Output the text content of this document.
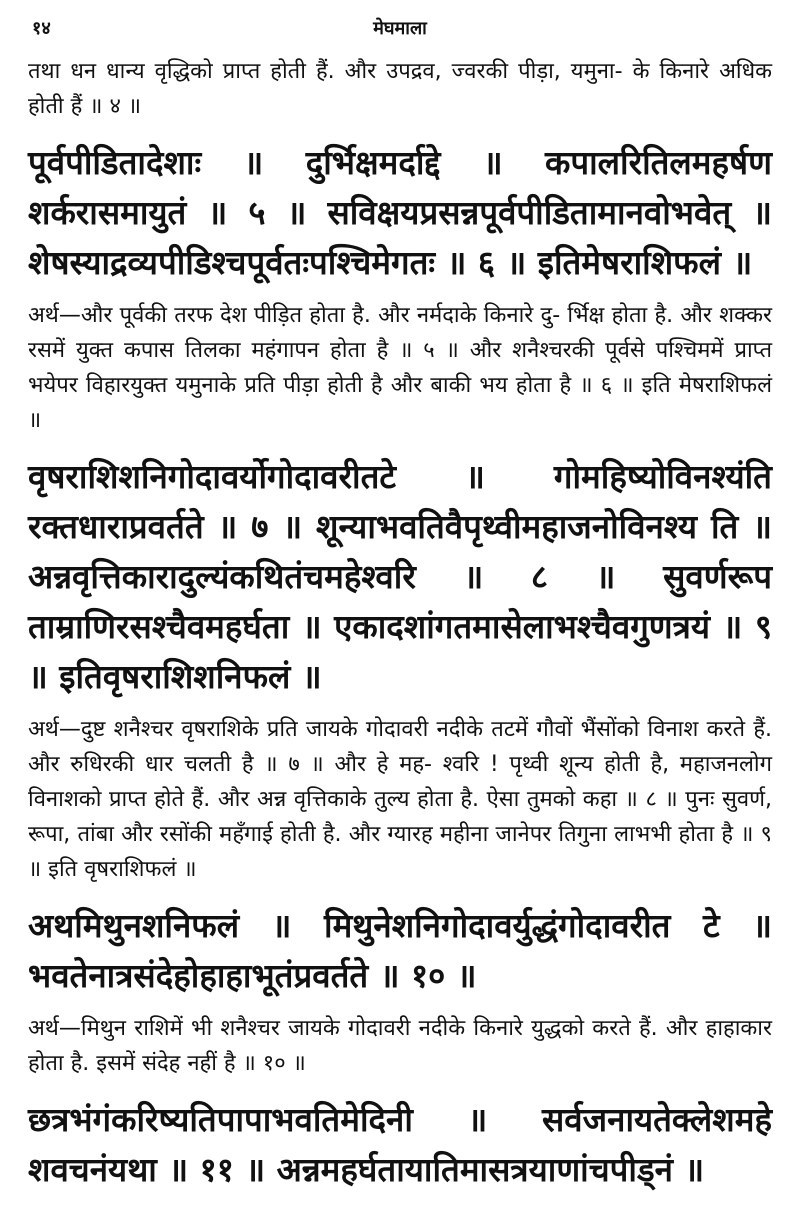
१४	मेघमाला

तथा धन धान्य वृद्धिको प्राप्त होती हैं. और उपद्रव, ज्वरकी पीड़ा, यमुना- के किनारे अधिक होती हैं ॥ ४ ॥

पूर्वपीडितादेशाः ॥ दुर्भिक्षमर्दाद्दे ॥ कपालरितिलमहर्षण शर्करासमायुतं ॥ ५ ॥ सविक्षयप्रसन्नपूर्वपीडितामानवोभवेत् ॥ शेषस्याद्रव्यपीडिश्चपूर्वतःपश्चिमेगतः ॥ ६ ॥ इतिमेषराशिफलं ॥

अर्थ—और पूर्वकी तरफ देश पीड़ित होता है. और नर्मदाके किनारे दु- र्भिक्ष होता है. और शक्कर रसमें युक्त कपास तिलका महंगापन होता है ॥ ५ ॥ और शनैश्चरकी पूर्वसे पश्चिममें प्राप्त भयेपर विहारयुक्त यमुनाके प्रति पीड़ा होती है और बाकी भय होता है ॥ ६ ॥ इति मेषराशिफलं ॥

वृषराशिशनिगोदावर्योगोदावरीतटे ॥ गोमहिष्योविनश्यंति रक्तधाराप्रवर्तते ॥ ७ ॥ शून्याभवतिवैपृथ्वीमहाजनोविनश्य ति ॥ अन्नवृत्तिकारादुल्यंकथितंचमहेश्वरि ॥ ८ ॥ सुवर्णरूप ताम्राणिरसश्चैवमहर्घता ॥ एकादशांगतमासेलाभश्चैवगुणत्रयं ॥ ९ ॥ इतिवृषराशिशनिफलं ॥

अर्थ—दुष्ट शनैश्चर वृषराशिके प्रति जायके गोदावरी नदीके तटमें गौवों भैंसोंको विनाश करते हैं. और रुधिरकी धार चलती है ॥ ७ ॥ और हे मह- श्वरि ! पृथ्वी शून्य होती है, महाजनलोग विनाशको प्राप्त होते हैं. और अन्न वृत्तिकाके तुल्य होता है. ऐसा तुमको कहा ॥ ८ ॥ पुनः सुवर्ण, रूपा, तांबा और रसोंकी महँगाई होती है. और ग्यारह महीना जानेपर तिगुना लाभभी होता है ॥ ९ ॥ इति वृषराशिफलं ॥

अथमिथुनशनिफलं ॥ मिथुनेशनिगोदावर्युद्धंगोदावरीत टे ॥ भवतेनात्रसंदेहोहाहाभूतंप्रवर्तते ॥ १० ॥

अर्थ—मिथुन राशिमें भी शनैश्चर जायके गोदावरी नदीके किनारे युद्धको करते हैं. और हाहाकार होता है. इसमें संदेह नहीं है ॥ १० ॥

छत्रभंगंकरिष्यतिपापाभवतिमेदिनी ॥ सर्वजनायतेक्लेशमहे शवचनंयथा ॥ ११ ॥ अन्नमहर्घतायातिमासत्रयाणांचपीड्नं ॥
